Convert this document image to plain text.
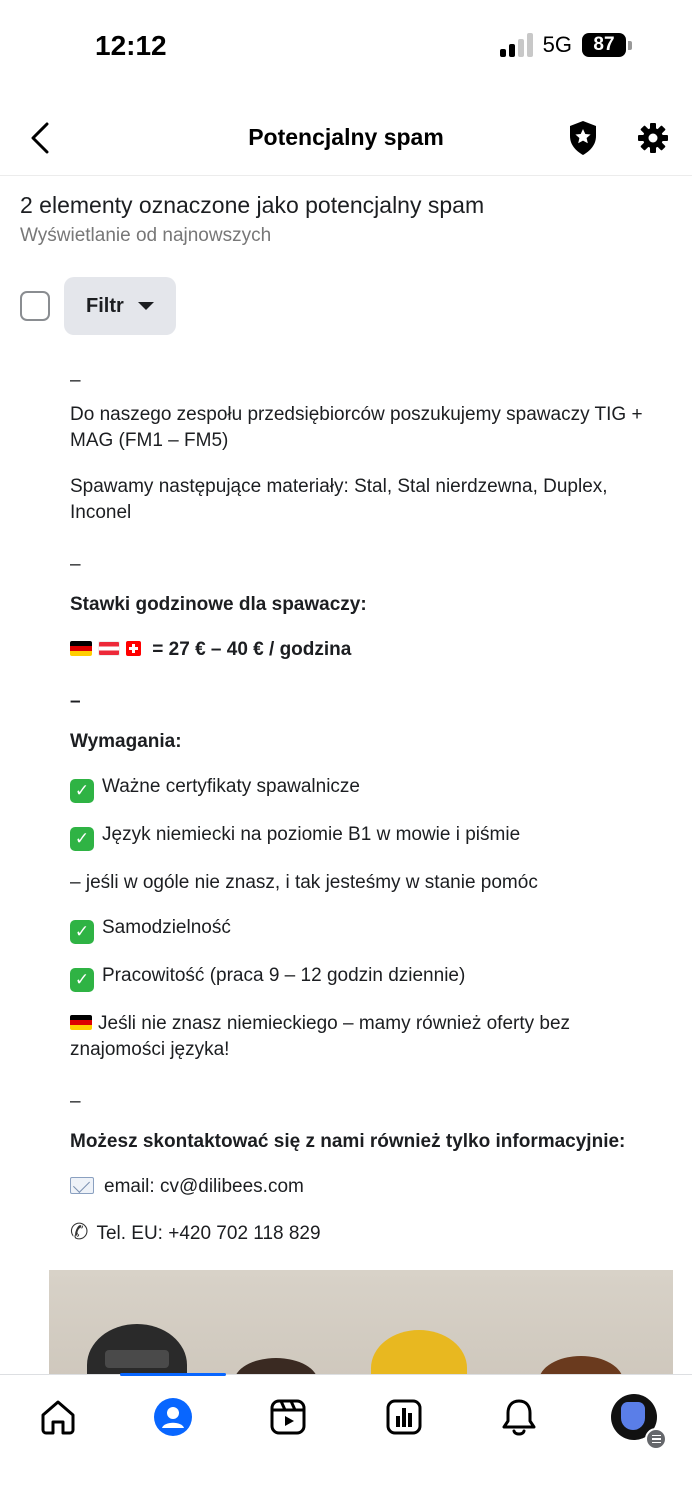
12:12	5G	87
Potencjalny spam
2 elementy oznaczone jako potencjalny spam
Wyświetlanie od najnowszych
Filtr

–

Do naszego zespołu przedsiębiorców poszukujemy spawaczy TIG + MAG (FM1 – FM5)

Spawamy następujące materiały: Stal, Stal nierdzewna, Duplex, Inconel

–

Stawki godzinowe dla spawaczy:

= 27 € – 40 € / godzina

–

Wymagania:

✓ Ważne certyfikaty spawalnicze

✓ Język niemiecki na poziomie B1 w mowie i piśmie

– jeśli w ogóle nie znasz, i tak jesteśmy w stanie pomóc

✓ Samodzielność

✓ Pracowitość (praca 9 – 12 godzin dziennie)

Jeśli nie znasz niemieckiego – mamy również oferty bez znajomości języka!

–

Możesz skontaktować się z nami również tylko informacyjnie:

email: cv@dilibees.com

✆ Tel. EU: +420 702 118 829
